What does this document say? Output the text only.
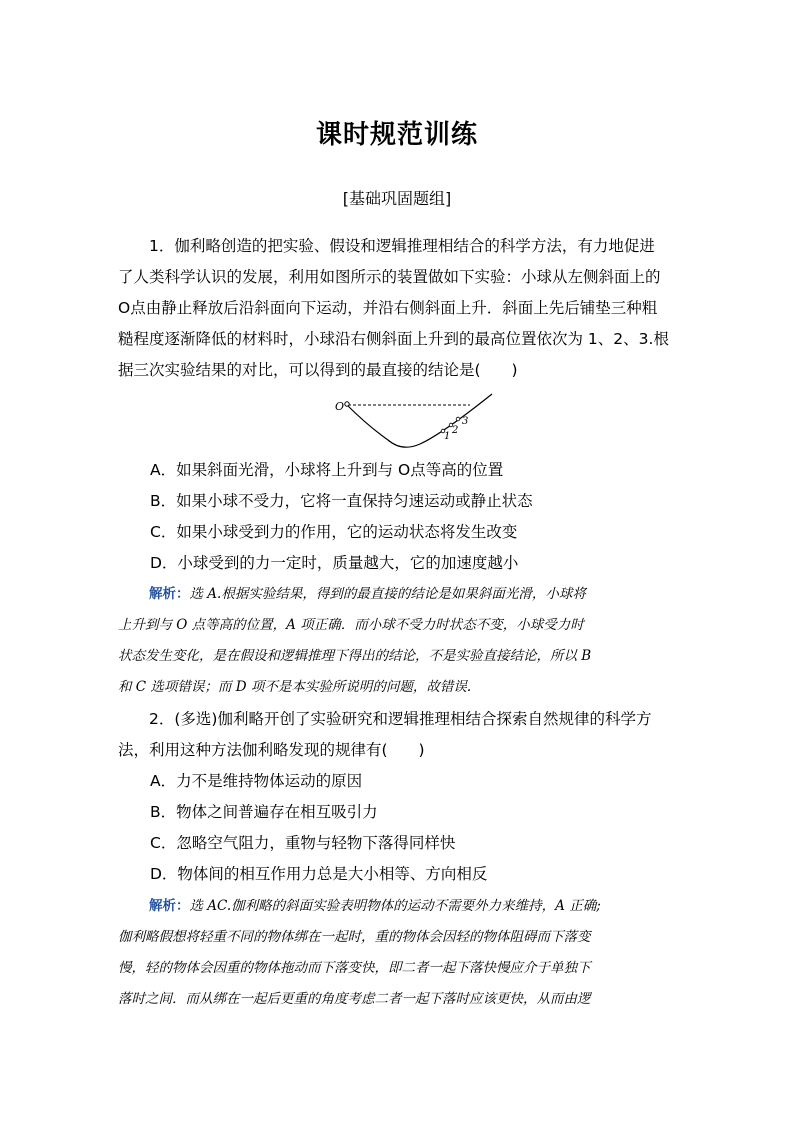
课时规范训练
[基础巩固题组]
1．伽利略创造的把实验、假设和逻辑推理相结合的科学方法，有力地促进
了人类科学认识的发展，利用如图所示的装置做如下实验：小球从左侧斜面上的
O点由静止释放后沿斜面向下运动，并沿右侧斜面上升．斜面上先后铺垫三种粗
糙程度逐渐降低的材料时，小球沿右侧斜面上升到的最高位置依次为 1、2、3.根
据三次实验结果的对比，可以得到的最直接的结论是(　　)
O
1
2
3
A．如果斜面光滑，小球将上升到与 O点等高的位置
B．如果小球不受力，它将一直保持匀速运动或静止状态
C．如果小球受到力的作用，它的运动状态将发生改变
D．小球受到的力一定时，质量越大，它的加速度越小
解析：选 A.根据实验结果，得到的最直接的结论是如果斜面光滑，小球将
上升到与 O 点等高的位置，A 项正确．而小球不受力时状态不变，小球受力时
状态发生变化，是在假设和逻辑推理下得出的结论，不是实验直接结论，所以 B
和 C 选项错误；而 D 项不是本实验所说明的问题，故错误.
2．(多选)伽利略开创了实验研究和逻辑推理相结合探索自然规律的科学方
法，利用这种方法伽利略发现的规律有(　　)
A．力不是维持物体运动的原因
B．物体之间普遍存在相互吸引力
C．忽略空气阻力，重物与轻物下落得同样快
D．物体间的相互作用力总是大小相等、方向相反
解析：选 AC.伽利略的斜面实验表明物体的运动不需要外力来维持，A 正确;
伽利略假想将轻重不同的物体绑在一起时，重的物体会因轻的物体阻碍而下落变
慢，轻的物体会因重的物体拖动而下落变快，即二者一起下落快慢应介于单独下
落时之间．而从绑在一起后更重的角度考虑二者一起下落时应该更快，从而由逻
